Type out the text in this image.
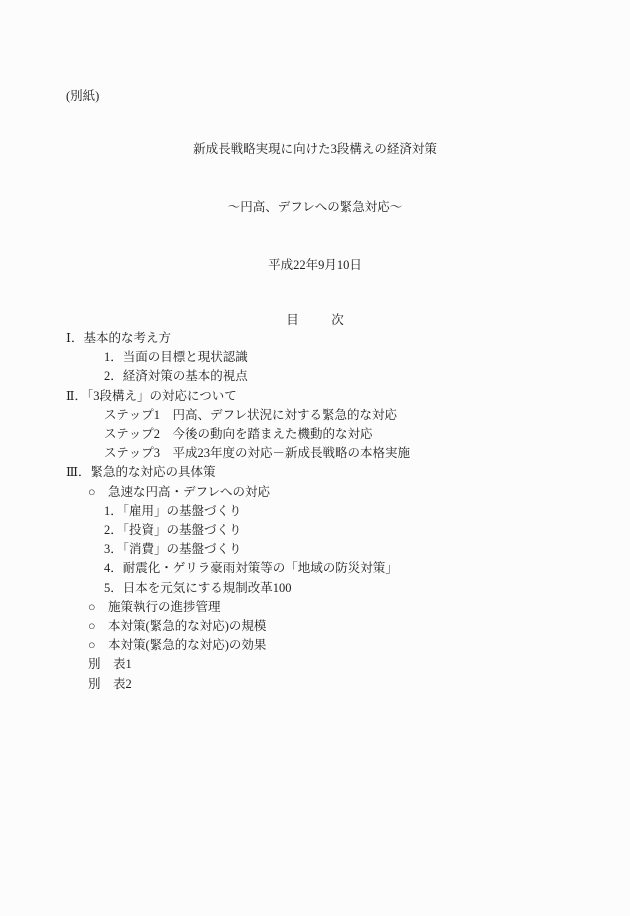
(別紙)
新成長戦略実現に向けた3段構えの経済対策
～円高、デフレへの緊急対応～
平成22年9月10日
目　次
Ⅰ．基本的な考え方
1．当面の目標と現状認識
2．経済対策の基本的視点
Ⅱ．「3段構え」の対応について
ステップ1　円高、デフレ状況に対する緊急的な対応
ステップ2　今後の動向を踏まえた機動的な対応
ステップ3　平成23年度の対応－新成長戦略の本格実施
Ⅲ．緊急的な対応の具体策
○　急速な円高・デフレへの対応
1．「雇用」の基盤づくり
2．「投資」の基盤づくり
3．「消費」の基盤づくり
4．耐震化・ゲリラ豪雨対策等の「地域の防災対策」
5．日本を元気にする規制改革100
○　施策執行の進捗管理
○　本対策(緊急的な対応)の規模
○　本対策(緊急的な対応)の効果
別　表1
別　表2
